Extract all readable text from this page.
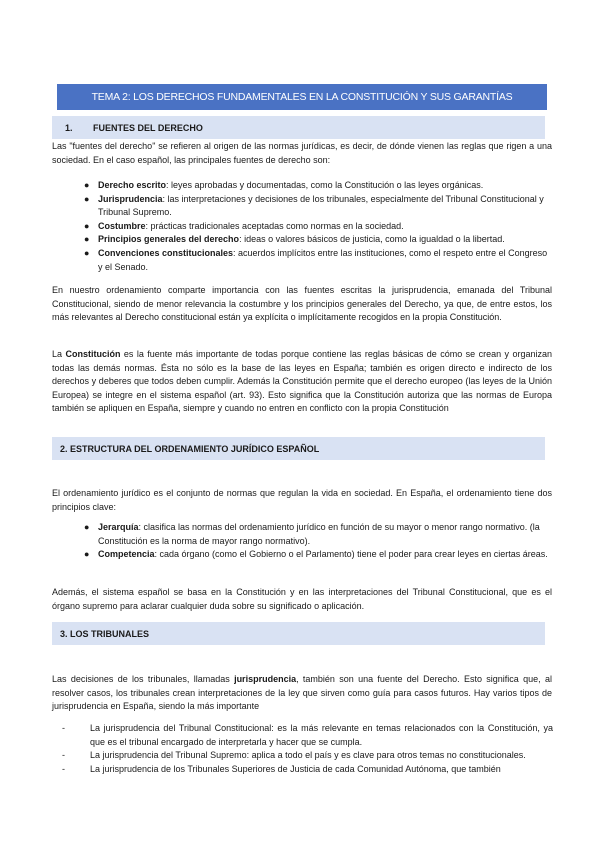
TEMA 2: LOS DERECHOS FUNDAMENTALES EN LA CONSTITUCIÓN Y SUS GARANTÍAS
1.	FUENTES DEL DERECHO

Las "fuentes del derecho" se refieren al origen de las normas jurídicas, es decir, de dónde vienen las reglas que rigen a una sociedad. En el caso español, las principales fuentes de derecho son:

● Derecho escrito: leyes aprobadas y documentadas, como la Constitución o las leyes orgánicas.
● Jurisprudencia: las interpretaciones y decisiones de los tribunales, especialmente del Tribunal Constitucional y Tribunal Supremo.
● Costumbre: prácticas tradicionales aceptadas como normas en la sociedad.
● Principios generales del derecho: ideas o valores básicos de justicia, como la igualdad o la libertad.
● Convenciones constitucionales: acuerdos implícitos entre las instituciones, como el respeto entre el Congreso y el Senado.

En nuestro ordenamiento comparte importancia con las fuentes escritas la jurisprudencia, emanada del Tribunal Constitucional, siendo de menor relevancia la costumbre y los principios generales del Derecho, ya que, de entre estos, los más relevantes al Derecho constitucional están ya explícita o implícitamente recogidos en la propia Constitución.

La Constitución es la fuente más importante de todas porque contiene las reglas básicas de cómo se crean y organizan todas las demás normas. Ésta no sólo es la base de las leyes en España; también es origen directo e indirecto de los derechos y deberes que todos deben cumplir. Además la Constitución permite que el derecho europeo (las leyes de la Unión Europea) se integre en el sistema español (art. 93). Esto significa que la Constitución autoriza que las normas de Europa también se apliquen en España, siempre y cuando no entren en conflicto con la propia Constitución

2. ESTRUCTURA DEL ORDENAMIENTO JURÍDICO ESPAÑOL

El ordenamiento jurídico es el conjunto de normas que regulan la vida en sociedad. En España, el ordenamiento tiene dos principios clave:

● Jerarquía: clasifica las normas del ordenamiento jurídico en función de su mayor o menor rango normativo. (la Constitución es la norma de mayor rango normativo).
● Competencia: cada órgano (como el Gobierno o el Parlamento) tiene el poder para crear leyes en ciertas áreas.

Además, el sistema español se basa en la Constitución y en las interpretaciones del Tribunal Constitucional, que es el órgano supremo para aclarar cualquier duda sobre su significado o aplicación.

3. LOS TRIBUNALES

Las decisiones de los tribunales, llamadas jurisprudencia, también son una fuente del Derecho. Esto significa que, al resolver casos, los tribunales crean interpretaciones de la ley que sirven como guía para casos futuros. Hay varios tipos de jurisprudencia en España, siendo la más importante

-	La jurisprudencia del Tribunal Constitucional: es la más relevante en temas relacionados con la Constitución, ya que es el tribunal encargado de interpretarla y hacer que se cumpla.
-	La jurisprudencia del Tribunal Supremo: aplica a todo el país y es clave para otros temas no constitucionales.
-	La jurisprudencia de los Tribunales Superiores de Justicia de cada Comunidad Autónoma, que también
